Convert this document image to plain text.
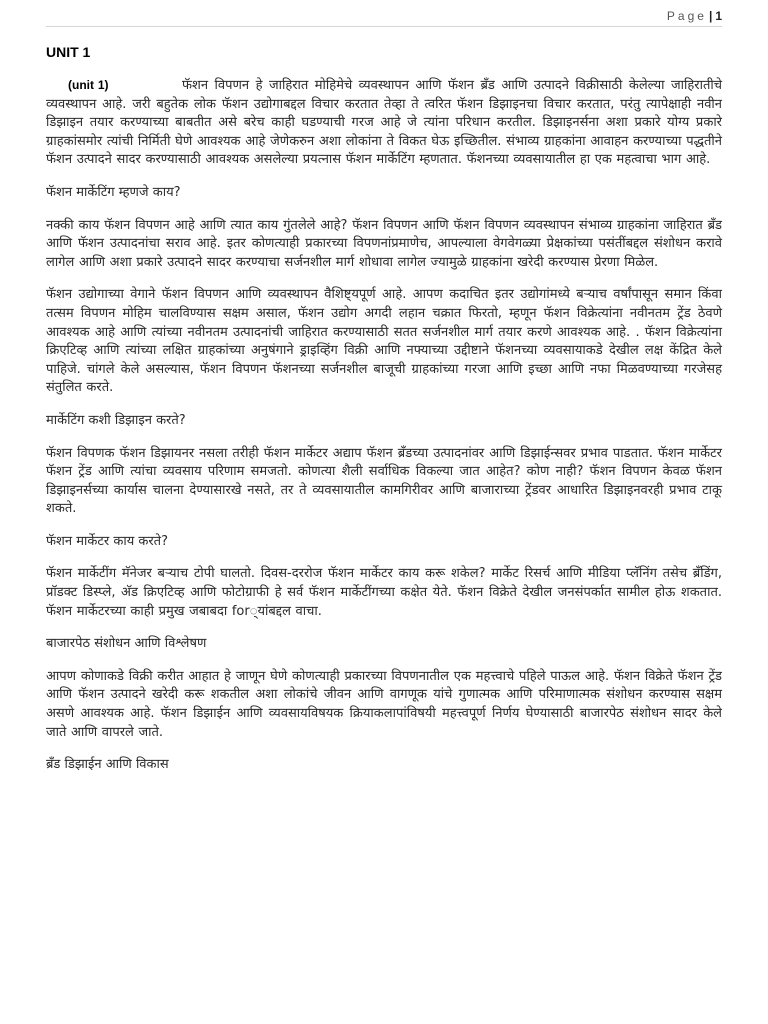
Page | 1
UNIT 1

(unit 1)	फॅशन विपणन हे जाहिरात मोहिमेचे व्यवस्थापन आणि फॅशन ब्रँड आणि उत्पादने विक्रीसाठी केलेल्या जाहिरातीचे व्यवस्थापन आहे. जरी बहुतेक लोक फॅशन उद्योगाबद्दल विचार करतात तेव्हा ते त्वरित फॅशन डिझाइनचा विचार करतात, परंतु त्यापेक्षाही नवीन डिझाइन तयार करण्याच्या बाबतीत असे बरेच काही घडण्याची गरज आहे जे त्यांना परिधान करतील. डिझाइनर्सना अशा प्रकारे योग्य प्रकारे ग्राहकांसमोर त्यांची निर्मिती घेणे आवश्यक आहे जेणेकरुन अशा लोकांना ते विकत घेऊ इच्छितील. संभाव्य ग्राहकांना आवाहन करण्याच्या पद्धतीने फॅशन उत्पादने सादर करण्यासाठी आवश्यक असलेल्या प्रयत्नास फॅशन मार्केटिंग म्हणतात. फॅशनच्या व्यवसायातील हा एक महत्वाचा भाग आहे.

फॅशन मार्केटिंग म्हणजे काय?

नक्की काय फॅशन विपणन आहे आणि त्यात काय गुंतलेले आहे? फॅशन विपणन आणि फॅशन विपणन व्यवस्थापन संभाव्य ग्राहकांना जाहिरात ब्रँड आणि फॅशन उत्पादनांचा सराव आहे. इतर कोणत्याही प्रकारच्या विपणनांप्रमाणेच, आपल्याला वेगवेगळ्या प्रेक्षकांच्या पसंतींबद्दल संशोधन करावे लागेल आणि अशा प्रकारे उत्पादने सादर करण्याचा सर्जनशील मार्ग शोधावा लागेल ज्यामुळे ग्राहकांना खरेदी करण्यास प्रेरणा मिळेल.

फॅशन उद्योगाच्या वेगाने फॅशन विपणन आणि व्यवस्थापन वैशिष्ट्यपूर्ण आहे. आपण कदाचित इतर उद्योगांमध्ये बर्‍याच वर्षांपासून समान किंवा तत्सम विपणन मोहिम चालविण्यास सक्षम असाल, फॅशन उद्योग अगदी लहान चक्रात फिरतो, म्हणून फॅशन विक्रेत्यांना नवीनतम ट्रेंड ठेवणे आवश्यक आहे आणि त्यांच्या नवीनतम उत्पादनांची जाहिरात करण्यासाठी सतत सर्जनशील मार्ग तयार करणे आवश्यक आहे. . फॅशन विक्रेत्यांना क्रिएटिव्ह आणि त्यांच्या लक्षित ग्राहकांच्या अनुषंगाने ड्राइव्हिंग विक्री आणि नफ्याच्या उद्दीष्टाने फॅशनच्या व्यवसायाकडे देखील लक्ष केंद्रित केले पाहिजे. चांगले केले असल्यास, फॅशन विपणन फॅशनच्या सर्जनशील बाजूची ग्राहकांच्या गरजा आणि इच्छा आणि नफा मिळवण्याच्या गरजेसह संतुलित करते.

मार्केटिंग कशी डिझाइन करते?

फॅशन विपणक फॅशन डिझायनर नसला तरीही फॅशन मार्केटर अद्याप फॅशन ब्रँडच्या उत्पादनांवर आणि डिझाईन्सवर प्रभाव पाडतात. फॅशन मार्केटर फॅशन ट्रेंड आणि त्यांचा व्यवसाय परिणाम समजतो. कोणत्या शैली सर्वाधिक विकल्या जात आहेत? कोण नाही? फॅशन विपणन केवळ फॅशन डिझाइनर्सच्या कार्यास चालना देण्यासारखे नसते, तर ते व्यवसायातील कामगिरीवर आणि बाजाराच्या ट्रेंडवर आधारित डिझाइनवरही प्रभाव टाकू शकते.

फॅशन मार्केटर काय करते?

फॅशन मार्केटींग मॅनेजर बर्‍याच टोपी घालतो. दिवस-दररोज फॅशन मार्केटर काय करू शकेल? मार्केट रिसर्च आणि मीडिया प्लॅनिंग तसेच ब्रँडिंग, प्रॉडक्ट डिस्प्ले, अ‍ॅड क्रिएटिव्ह आणि फोटोग्राफी हे सर्व फॅशन मार्केटींगच्या कक्षेत येते. फॅशन विक्रेते देखील जनसंपर्कात सामील होऊ शकतात. फॅशन मार्केटरच्या काही प्रमुख जबाबदा for्यांबद्दल वाचा.

बाजारपेठ संशोधन आणि विश्लेषण

आपण कोणाकडे विक्री करीत आहात हे जाणून घेणे कोणत्याही प्रकारच्या विपणनातील एक महत्त्वाचे पहिले पाऊल आहे. फॅशन विक्रेते फॅशन ट्रेंड आणि फॅशन उत्पादने खरेदी करू शकतील अशा लोकांचे जीवन आणि वागणूक यांचे गुणात्मक आणि परिमाणात्मक संशोधन करण्यास सक्षम असणे आवश्यक आहे. फॅशन डिझाईन आणि व्यवसायविषयक क्रियाकलापांविषयी महत्त्वपूर्ण निर्णय घेण्यासाठी बाजारपेठ संशोधन सादर केले जाते आणि वापरले जाते.

ब्रँड डिझाईन आणि विकास
